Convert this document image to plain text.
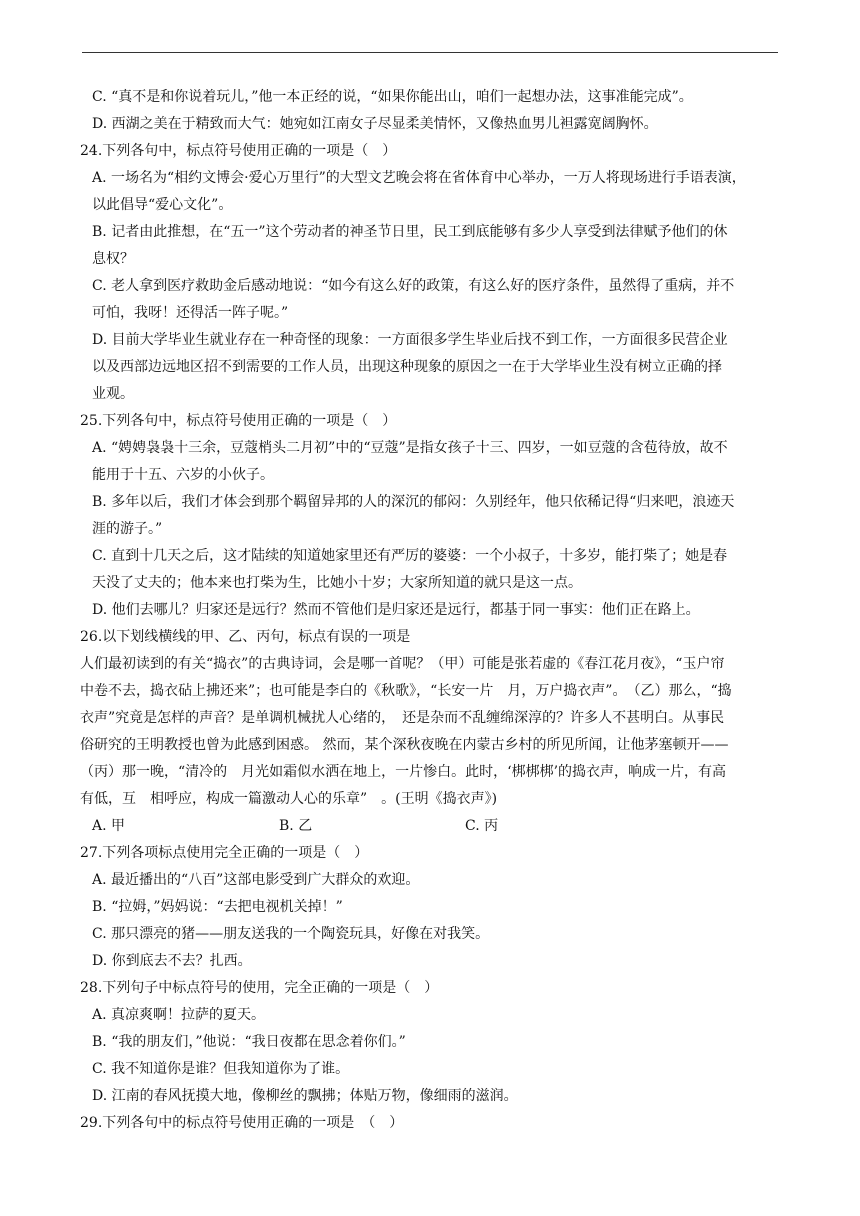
C. “真不是和你说着玩儿，”他一本正经的说，“如果你能出山，咱们一起想办法，这事准能完成”。
D. 西湖之美在于精致而大气：她宛如江南女子尽显柔美情怀，又像热血男儿袒露宽阔胸怀。
24.下列各句中，标点符号使用正确的一项是（　）
A. 一场名为“相约文博会·爱心万里行”的大型文艺晚会将在省体育中心举办，一万人将现场进行手语表演，
以此倡导“爱心文化”。
B. 记者由此推想，在“五一”这个劳动者的神圣节日里，民工到底能够有多少人享受到法律赋予他们的休
息权？
C. 老人拿到医疗救助金后感动地说：“如今有这么好的政策，有这么好的医疗条件，虽然得了重病，并不
可怕，我呀！还得活一阵子呢。”
D. 目前大学毕业生就业存在一种奇怪的现象：一方面很多学生毕业后找不到工作，一方面很多民营企业
以及西部边远地区招不到需要的工作人员，出现这种现象的原因之一在于大学毕业生没有树立正确的择
业观。
25.下列各句中，标点符号使用正确的一项是（　）
A. “娉娉袅袅十三余，豆蔻梢头二月初”中的“豆蔻”是指女孩子十三、四岁，一如豆蔻的含苞待放，故不
能用于十五、六岁的小伙子。
B. 多年以后，我们才体会到那个羁留异邦的人的深沉的郁闷：久别经年，他只依稀记得“归来吧，浪迹天
涯的游子。”
C. 直到十几天之后，这才陆续的知道她家里还有严厉的婆婆：一个小叔子，十多岁，能打柴了；她是春
天没了丈夫的；他本来也打柴为生，比她小十岁；大家所知道的就只是这一点。
D. 他们去哪儿？归家还是远行？然而不管他们是归家还是远行，都基于同一事实：他们正在路上。
26.以下划线横线的甲、乙、丙句，标点有误的一项是
人们最初读到的有关“捣衣”的古典诗词，会是哪一首呢？（甲）可能是张若虚的《春江花月夜》，“玉户帘
中卷不去，捣衣砧上拂还来”；也可能是李白的《秋歌》，“长安一片　月，万户捣衣声”。　（乙）那么，“捣
衣声”究竟是怎样的声音？是单调机械扰人心绪的，　还是杂而不乱缠绵深淳的？许多人不甚明白。从事民
俗研究的王明教授也曾为此感到困惑。 然而，某个深秋夜晚在内蒙古乡村的所见所闻，让他茅塞顿开——
（丙）那一晚，“清冷的　月光如霜似水洒在地上，一片惨白。此时，‘梆梆梆’的捣衣声，响成一片，有高
有低，互　相呼应，构成一篇激动人心的乐章”　。(王明《捣衣声》)
A. 甲	B. 乙	C. 丙
27.下列各项标点使用完全正确的一项是（　）
A. 最近播出的“八百”这部电影受到广大群众的欢迎。
B. “拉姆，”妈妈说：“去把电视机关掉！”
C. 那只漂亮的猪——朋友送我的一个陶瓷玩具，好像在对我笑。
D. 你到底去不去？扎西。
28.下列句子中标点符号的使用，完全正确的一项是（　）
A. 真凉爽啊！拉萨的夏天。
B. “我的朋友们，”他说：“我日夜都在思念着你们。”
C. 我不知道你是谁？但我知道你为了谁。
D. 江南的春风抚摸大地，像柳丝的飘拂；体贴万物，像细雨的滋润。
29.下列各句中的标点符号使用正确的一项是　（　）
